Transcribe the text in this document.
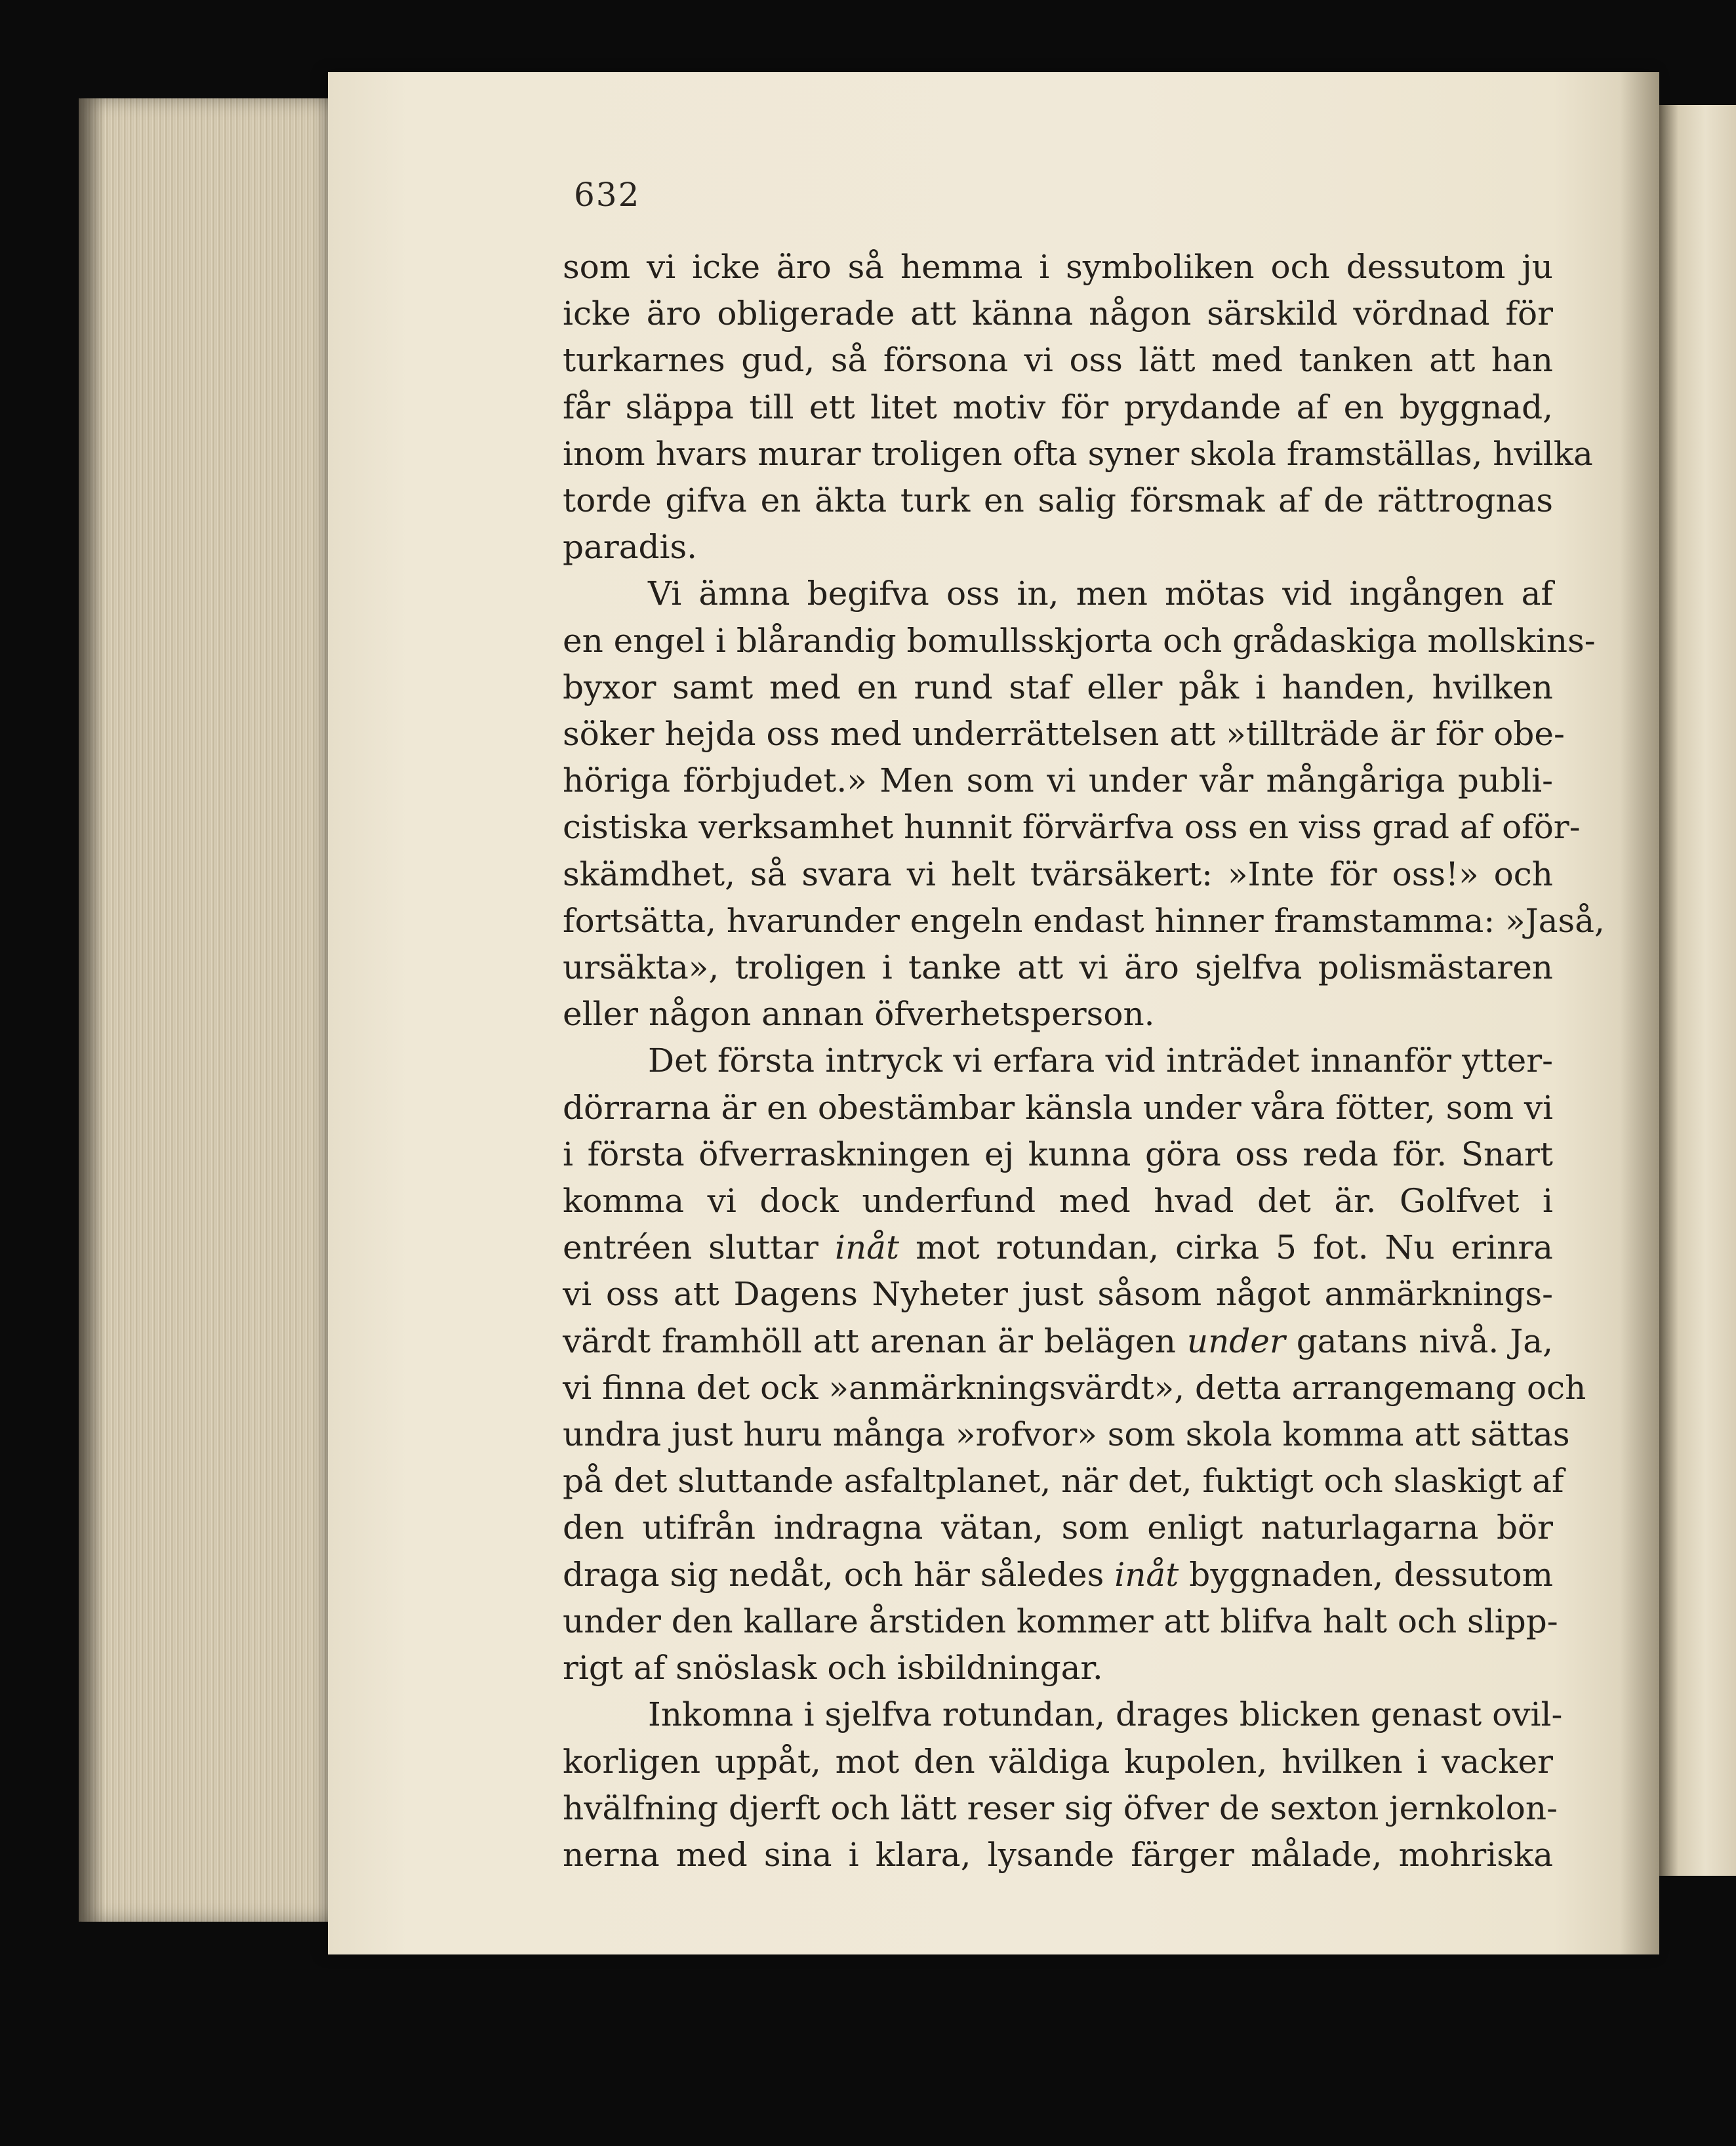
632
som vi icke äro så hemma i symboliken och dessutom ju
icke äro obligerade att känna någon särskild vördnad för
turkarnes gud, så försona vi oss lätt med tanken att han
får släppa till ett litet motiv för prydande af en byggnad,
inom hvars murar troligen ofta syner skola framställas, hvilka
torde gifva en äkta turk en salig försmak af de rättrognas
paradis.
Vi ämna begifva oss in, men mötas vid ingången af
en engel i blårandig bomullsskjorta och grådaskiga mollskins-
byxor samt med en rund staf eller påk i handen, hvilken
söker hejda oss med underrättelsen att »tillträde är för obe-
höriga förbjudet.» Men som vi under vår mångåriga publi-
cistiska verksamhet hunnit förvärfva oss en viss grad af oför-
skämdhet, så svara vi helt tvärsäkert: »Inte för oss!» och
fortsätta, hvarunder engeln endast hinner framstamma: »Jaså,
ursäkta», troligen i tanke att vi äro sjelfva polismästaren
eller någon annan öfverhetsperson.
Det första intryck vi erfara vid inträdet innanför ytter-
dörrarna är en obestämbar känsla under våra fötter, som vi
i första öfverraskningen ej kunna göra oss reda för. Snart
komma vi dock underfund med hvad det är. Golfvet i
entréen sluttar inåt mot rotundan, cirka 5 fot. Nu erinra
vi oss att Dagens Nyheter just såsom något anmärknings-
värdt framhöll att arenan är belägen under gatans nivå. Ja,
vi finna det ock »anmärkningsvärdt», detta arrangemang och
undra just huru många »rofvor» som skola komma att sättas
på det sluttande asfaltplanet, när det, fuktigt och slaskigt af
den utifrån indragna vätan, som enligt naturlagarna bör
draga sig nedåt, och här således inåt byggnaden, dessutom
under den kallare årstiden kommer att blifva halt och slipp-
rigt af snöslask och isbildningar.
Inkomna i sjelfva rotundan, drages blicken genast ovil-
korligen uppåt, mot den väldiga kupolen, hvilken i vacker
hvälfning djerft och lätt reser sig öfver de sexton jernkolon-
nerna med sina i klara, lysande färger målade, mohriska
